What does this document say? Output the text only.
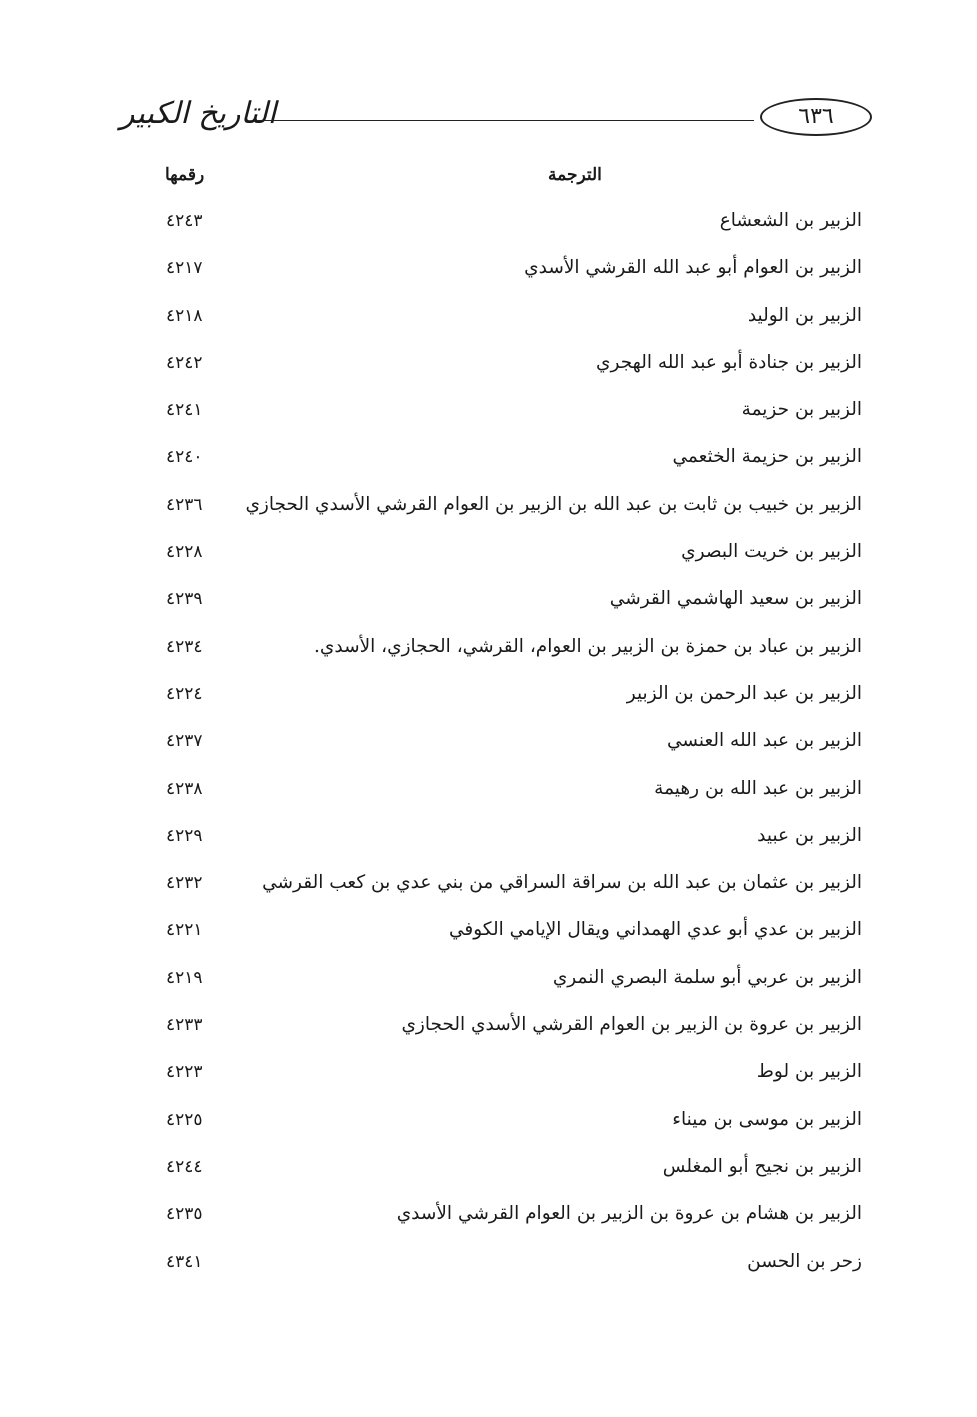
التاريخ الكبير	٦٣٦
الترجمة
رقمها
الزبير بن الشعشاع
٤٢٤٣
الزبير بن العوام أبو عبد الله القرشي الأسدي
٤٢١٧
الزبير بن الوليد
٤٢١٨
الزبير بن جنادة أبو عبد الله الهجري
٤٢٤٢
الزبير بن حزيمة
٤٢٤١
الزبير بن حزيمة الخثعمي
٤٢٤٠
الزبير بن خبيب بن ثابت بن عبد الله بن الزبير بن العوام القرشي الأسدي الحجازي
٤٢٣٦
الزبير بن خريت البصري
٤٢٢٨
الزبير بن سعيد الهاشمي القرشي
٤٢٣٩
الزبير بن عباد بن حمزة بن الزبير بن العوام، القرشي، الحجازي، الأسدي.
٤٢٣٤
الزبير بن عبد الرحمن بن الزبير
٤٢٢٤
الزبير بن عبد الله العنسي
٤٢٣٧
الزبير بن عبد الله بن رهيمة
٤٢٣٨
الزبير بن عبيد
٤٢٢٩
الزبير بن عثمان بن عبد الله بن سراقة السراقي من بني عدي بن كعب القرشي
٤٢٣٢
الزبير بن عدي أبو عدي الهمداني ويقال الإيامي الكوفي
٤٢٢١
الزبير بن عربي أبو سلمة البصري النمري
٤٢١٩
الزبير بن عروة بن الزبير بن العوام القرشي الأسدي الحجازي
٤٢٣٣
الزبير بن لوط
٤٢٢٣
الزبير بن موسى بن ميناء
٤٢٢٥
الزبير بن نجيح أبو المغلس
٤٢٤٤
الزبير بن هشام بن عروة بن الزبير بن العوام القرشي الأسدي
٤٢٣٥
زحر بن الحسن
٤٣٤١
